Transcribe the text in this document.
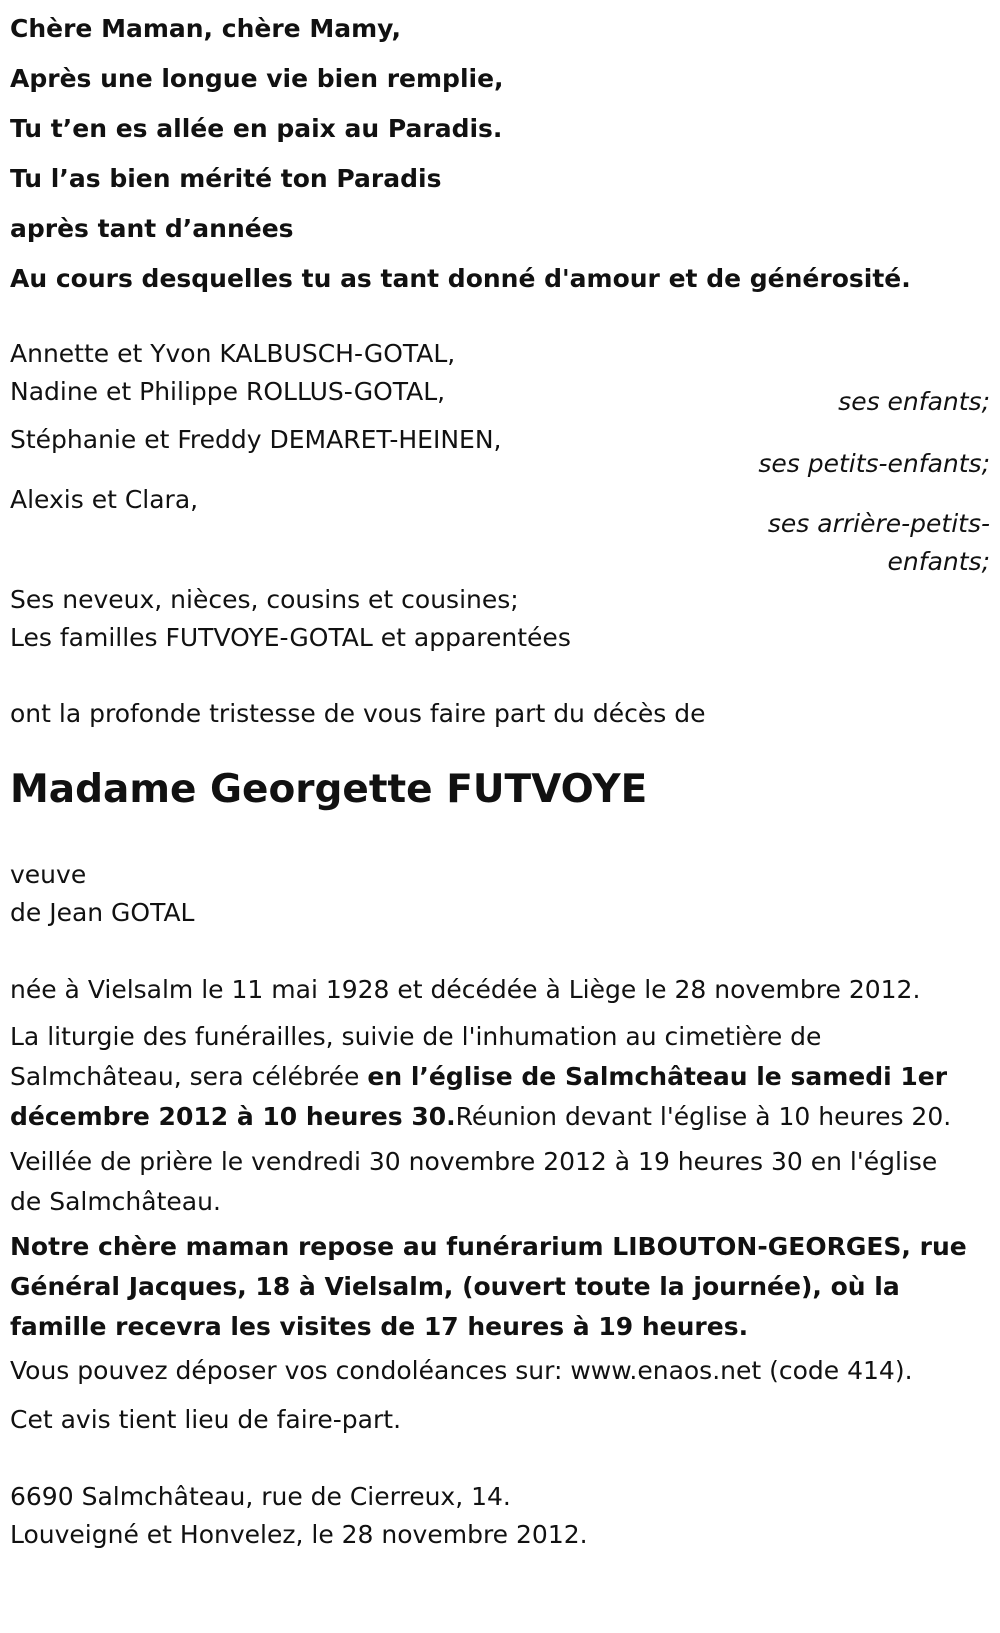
Chère Maman, chère Mamy,
Après une longue vie bien remplie,
Tu t’en es allée en paix au Paradis.
Tu l’as bien mérité ton Paradis
après tant d’années
Au cours desquelles tu as tant donné d'amour et de générosité.
Annette et Yvon KALBUSCH-GOTAL,
Nadine et Philippe ROLLUS-GOTAL,	ses enfants;
Stéphanie et Freddy DEMARET-HEINEN,
ses petits-enfants;
Alexis et Clara,
ses arrière-petits-
enfants;
Ses neveux, nièces, cousins et cousines;
Les familles FUTVOYE-GOTAL et apparentées
ont la profonde tristesse de vous faire part du décès de
Madame Georgette FUTVOYE
veuve
de Jean GOTAL
née à Vielsalm le 11 mai 1928 et décédée à Liège le 28 novembre 2012.
La liturgie des funérailles, suivie de l'inhumation au cimetière de Salmchâteau, sera célébrée en l’église de Salmchâteau le samedi 1er décembre 2012 à 10 heures 30.Réunion devant l'église à 10 heures 20.
Veillée de prière le vendredi 30 novembre 2012 à 19 heures 30 en l'église de Salmchâteau.
Notre chère maman repose au funérarium LIBOUTON-GEORGES, rue Général Jacques, 18 à Vielsalm, (ouvert toute la journée), où la famille recevra les visites de 17 heures à 19 heures.
Vous pouvez déposer vos condoléances sur: www.enaos.net (code 414).
Cet avis tient lieu de faire-part.
6690 Salmchâteau, rue de Cierreux, 14.
Louveigné et Honvelez, le 28 novembre 2012.
